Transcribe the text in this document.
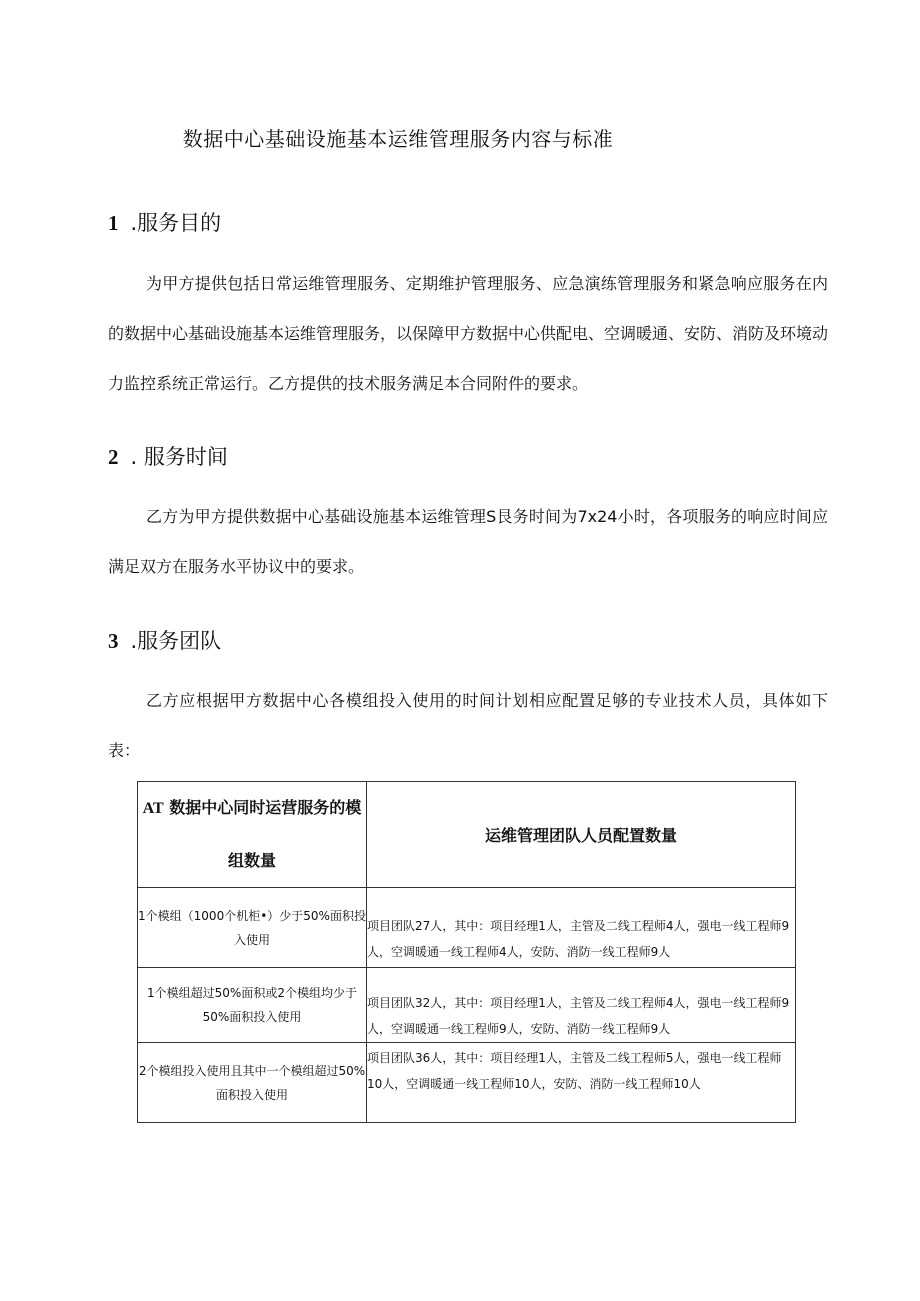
数据中心基础设施基本运维管理服务内容与标准
1 .服务目的
为甲方提供包括日常运维管理服务、定期维护管理服务、应急演练管理服务和紧急响应服务在内的数据中心基础设施基本运维管理服务，以保障甲方数据中心供配电、空调暖通、安防、消防及环境动力监控系统正常运行。乙方提供的技术服务满足本合同附件的要求。
2 . 服务时间
乙方为甲方提供数据中心基础设施基本运维管理S艮务时间为7x24小时，各项服务的响应时间应满足双方在服务水平协议中的要求。
3 .服务团队
乙方应根据甲方数据中心各模组投入使用的时间计划相应配置足够的专业技术人员，具体如下表：
AT 数据中心同时运营服务的模组数量	运维管理团队人员配置数量
1个模组（1000个机柜•）少于50%面积投入使用	项目团队27人，其中：项目经理1人，主管及二线工程师4人，强电一线工程师9人，空调暖通一线工程师4人，安防、消防一线工程师9人
1个模组超过50%面积或2个模组均少于50%面积投入使用	项目团队32人，其中：项目经理1人，主管及二线工程师4人，强电一线工程师9人，空调暖通一线工程师9人，安防、消防一线工程师9人
2个模组投入使用且其中一个模组超过50%面积投入使用	项目团队36人，其中：项目经理1人，主管及二线工程师5人，强电一线工程师10人，空调暖通一线工程师10人，安防、消防一线工程师10人
